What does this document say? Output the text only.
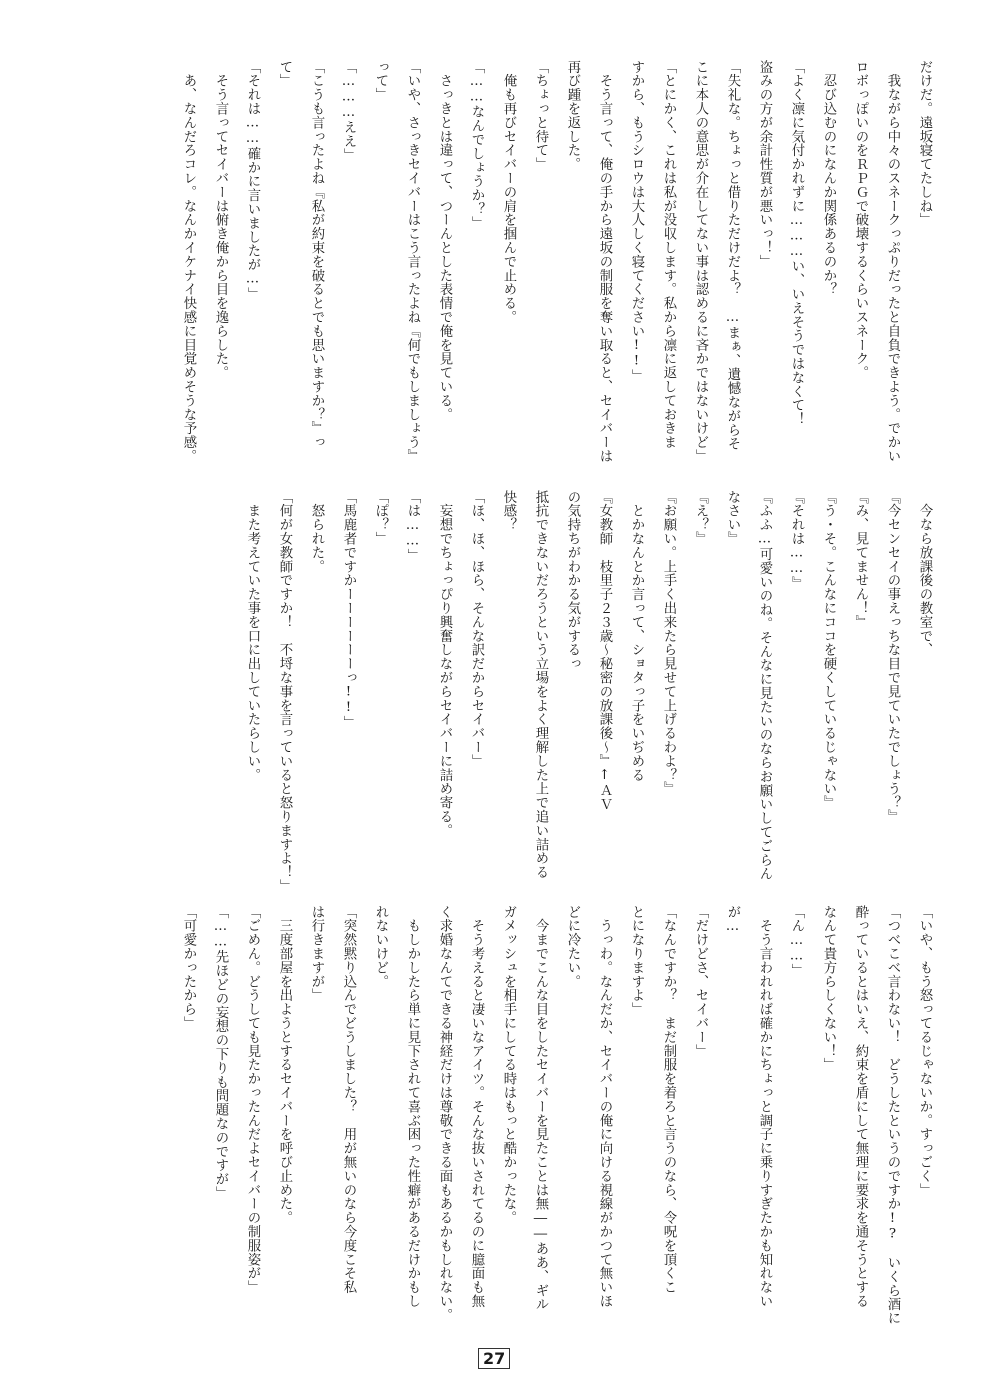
だけだ。遠坂寝てたしね」
　我ながら中々のスネークっぷりだったと自負できよう。でかい
ロボっぽいのをＲＰＧで破壊するくらいスネーク。
　忍び込むのになんか関係あるのか？
「よく凛に気付かれずに………い、いえそうではなくて！
盗みの方が余計性質が悪いっ！」
「失礼な。ちょっと借りただけだよ？　…まぁ、遺憾ながらそ
こに本人の意思が介在してない事は認めるに吝かではないけど」
「とにかく、これは私が没収します。私から凛に返しておきま
すから、もうシロウは大人しく寝てください!!」
　そう言って、俺の手から遠坂の制服を奪い取ると、セイバーは
再び踵を返した。
「ちょっと待て」
　俺も再びセイバーの肩を掴んで止める。
「……なんでしょうか？」
　さっきとは違って、つーんとした表情で俺を見ている。
「いや、さっきセイバーはこう言ったよね『何でもしましょう』
って」
「………ええ」
「こうも言ったよね『私が約束を破るとでも思いますか？』っ
て」
「それは……確かに言いましたが…」
　そう言ってセイバーは俯き俺から目を逸らした。
　あ、なんだろコレ。なんかイケナイ快感に目覚めそうな予感。
　今なら放課後の教室で、
『今センセイの事えっちな目で見ていたでしょう？』
『み、見てません！』
『う・そ。こんなにココを硬くしているじゃない』
『それは……』
『ふふ…可愛いのね。そんなに見たいのならお願いしてごらん
なさい』
『え？』
『お願い。上手く出来たら見せて上げるわよ？』
　とかなんとか言って、ショタっ子をいぢめる
『女教師　枝里子２３歳～秘密の放課後～』↑ＡＶ
の気持ちがわかる気がするっ
抵抗できないだろうという立場をよく理解した上で追い詰める
快感？
「ほ、ほ、ほら、そんな訳だからセイバー」
　妄想でちょっぴり興奮しながらセイバーに詰め寄る。
「は……」
「ぽ？」
「馬鹿者ですかーーーーーーっ!!」
　怒られた。
「何が女教師ですか！　不埒な事を言っていると怒りますよ！」
　また考えていた事を口に出していたらしい。
「いや、もう怒ってるじゃないか。すっごく」
「つべこべ言わない！　どうしたというのですか!?　いくら酒に
酔っているとはいえ、約束を盾にして無理に要求を通そうとする
なんて貴方らしくない！」
「ん……」
　そう言われれば確かにちょっと調子に乗りすぎたかも知れない
が…
「だけどさ、セイバー」
「なんですか？　まだ制服を着ろと言うのなら、令呪を頂くこ
とになりますよ」
　うっわ。なんだか、セイバーの俺に向ける視線がかつて無いほ
どに冷たい。
　今までこんな目をしたセイバーを見たことは無――ああ、ギル
ガメッシュを相手にしてる時はもっと酷かったな。
　そう考えると凄いなアイツ。そんな抜いされてるのに臆面も無
く求婚なんてできる神経だけは尊敬できる面もあるかもしれない。
　もしかしたら単に見下されて喜ぶ困った性癖があるだけかもし
れないけど。
「突然黙り込んでどうしました？　用が無いのなら今度こそ私
は行きますが」
　三度部屋を出ようとするセイバーを呼び止めた。
「ごめん。どうしても見たかったんだよセイバーの制服姿が」
「……先ほどの妄想の下りも問題なのですが」
「可愛かったから」
27
